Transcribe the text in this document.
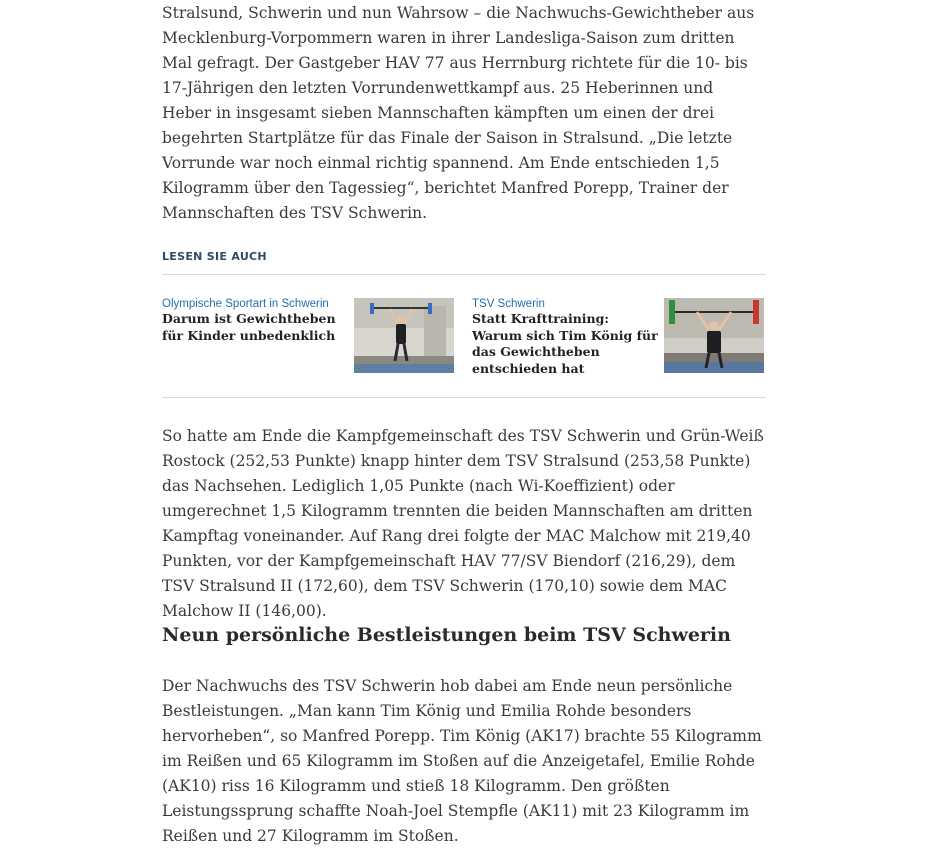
Stralsund, Schwerin und nun Wahrsow – die Nachwuchs-Gewichtheber aus Mecklenburg-Vorpommern waren in ihrer Landesliga-Saison zum dritten Mal gefragt. Der Gastgeber HAV 77 aus Herrnburg richtete für die 10- bis 17-Jährigen den letzten Vorrundenwettkampf aus. 25 Heberinnen und Heber in insgesamt sieben Mannschaften kämpften um einen der drei begehrten Startplätze für das Finale der Saison in Stralsund. „Die letzte Vorrunde war noch einmal richtig spannend. Am Ende entschieden 1,5 Kilogramm über den Tagessieg“, berichtet Manfred Porepp, Trainer der Mannschaften des TSV Schwerin.

LESEN SIE AUCH
Olympische Sportart in Schwerin
Darum ist Gewichtheben für Kinder unbedenklich
TSV Schwerin
Statt Krafttraining: Warum sich Tim König für das Gewichtheben entschieden hat

So hatte am Ende die Kampfgemeinschaft des TSV Schwerin und Grün-Weiß Rostock (252,53 Punkte) knapp hinter dem TSV Stralsund (253,58 Punkte) das Nachsehen. Lediglich 1,05 Punkte (nach Wi-Koeffizient) oder umgerechnet 1,5 Kilogramm trennten die beiden Mannschaften am dritten Kampftag voneinander. Auf Rang drei folgte der MAC Malchow mit 219,40 Punkten, vor der Kampfgemeinschaft HAV 77/SV Biendorf (216,29), dem TSV Stralsund II (172,60), dem TSV Schwerin (170,10) sowie dem MAC Malchow II (146,00).

Neun persönliche Bestleistungen beim TSV Schwerin

Der Nachwuchs des TSV Schwerin hob dabei am Ende neun persönliche Bestleistungen. „Man kann Tim König und Emilia Rohde besonders hervorheben“, so Manfred Porepp. Tim König (AK17) brachte 55 Kilogramm im Reißen und 65 Kilogramm im Stoßen auf die Anzeigetafel, Emilie Rohde (AK10) riss 16 Kilogramm und stieß 18 Kilogramm. Den größten Leistungssprung schaffte Noah-Joel Stempfle (AK11) mit 23 Kilogramm im Reißen und 27 Kilogramm im Stoßen.
